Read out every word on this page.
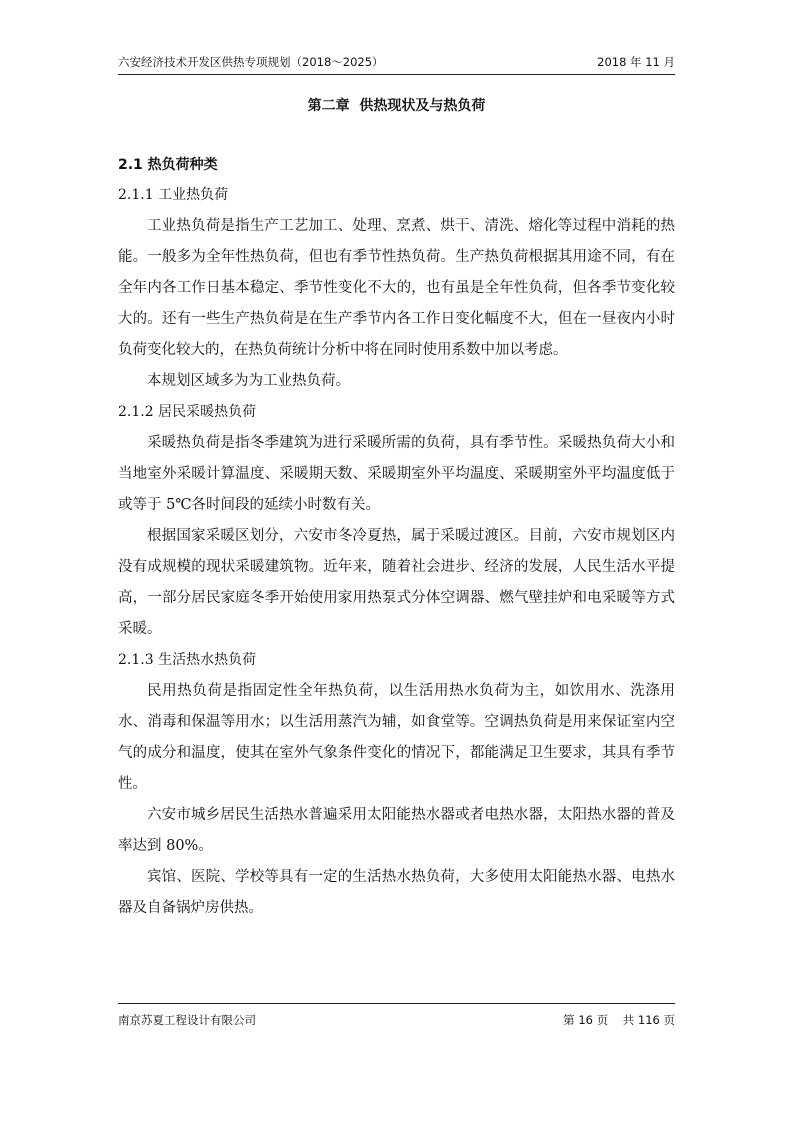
六安经济技术开发区供热专项规划（2018～2025）	2018 年 11 月
第二章  供热现状及与热负荷
2.1 热负荷种类
2.1.1 工业热负荷

工业热负荷是指生产工艺加工、处理、烹煮、烘干、清洗、熔化等过程中消耗的热能。一般多为全年性热负荷，但也有季节性热负荷。生产热负荷根据其用途不同，有在全年内各工作日基本稳定、季节性变化不大的，也有虽是全年性负荷，但各季节变化较大的。还有一些生产热负荷是在生产季节内各工作日变化幅度不大，但在一昼夜内小时负荷变化较大的，在热负荷统计分析中将在同时使用系数中加以考虑。

本规划区域多为为工业热负荷。

2.1.2 居民采暖热负荷

采暖热负荷是指冬季建筑为进行采暖所需的负荷，具有季节性。采暖热负荷大小和当地室外采暖计算温度、采暖期天数、采暖期室外平均温度、采暖期室外平均温度低于或等于 5℃各时间段的延续小时数有关。

根据国家采暖区划分，六安市冬冷夏热，属于采暖过渡区。目前，六安市规划区内没有成规模的现状采暖建筑物。近年来，随着社会进步、经济的发展，人民生活水平提高，一部分居民家庭冬季开始使用家用热泵式分体空调器、燃气壁挂炉和电采暖等方式采暖。

2.1.3 生活热水热负荷

民用热负荷是指固定性全年热负荷，以生活用热水负荷为主，如饮用水、洗涤用水、消毒和保温等用水；以生活用蒸汽为辅，如食堂等。空调热负荷是用来保证室内空气的成分和温度，使其在室外气象条件变化的情况下，都能满足卫生要求，其具有季节性。

六安市城乡居民生活热水普遍采用太阳能热水器或者电热水器，太阳热水器的普及率达到 80%。

宾馆、医院、学校等具有一定的生活热水热负荷，大多使用太阳能热水器、电热水器及自备锅炉房供热。

南京苏夏工程设计有限公司	第 16 页    共 116 页
